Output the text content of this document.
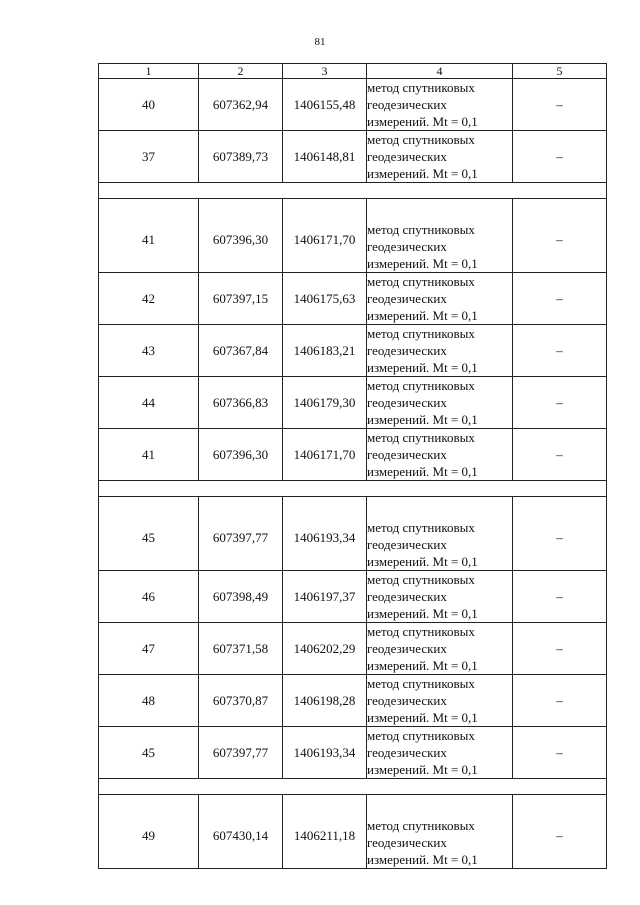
81
1	2	3	4	5
40	607362,94	1406155,48	метод спутниковых
геодезических
измерений. Mt = 0,1	–
37	607389,73	1406148,81	метод спутниковых
геодезических
измерений. Mt = 0,1	–

41	607396,30	1406171,70	метод спутниковых
геодезических
измерений. Mt = 0,1	–
42	607397,15	1406175,63	метод спутниковых
геодезических
измерений. Mt = 0,1	–
43	607367,84	1406183,21	метод спутниковых
геодезических
измерений. Mt = 0,1	–
44	607366,83	1406179,30	метод спутниковых
геодезических
измерений. Mt = 0,1	–
41	607396,30	1406171,70	метод спутниковых
геодезических
измерений. Mt = 0,1	–

45	607397,77	1406193,34	метод спутниковых
геодезических
измерений. Mt = 0,1	–
46	607398,49	1406197,37	метод спутниковых
геодезических
измерений. Mt = 0,1	–
47	607371,58	1406202,29	метод спутниковых
геодезических
измерений. Mt = 0,1	–
48	607370,87	1406198,28	метод спутниковых
геодезических
измерений. Mt = 0,1	–
45	607397,77	1406193,34	метод спутниковых
геодезических
измерений. Mt = 0,1	–

49	607430,14	1406211,18	метод спутниковых
геодезических
измерений. Mt = 0,1	–
